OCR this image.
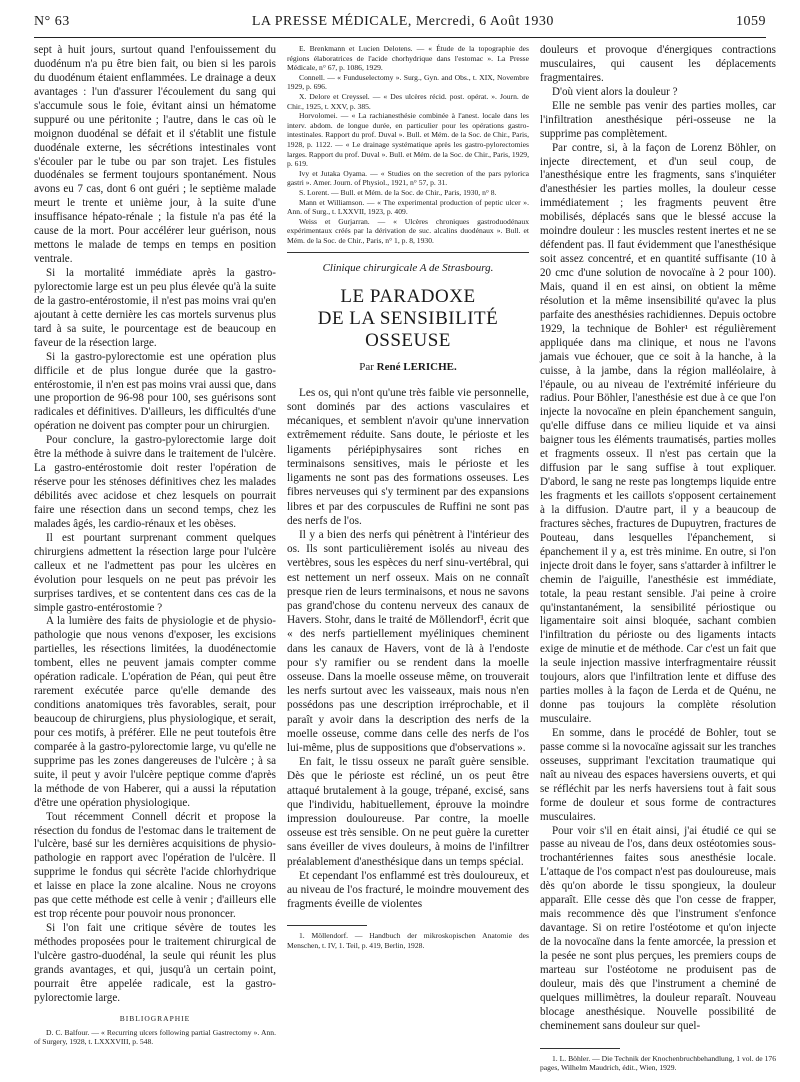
N° 63	LA PRESSE MÉDICALE, Mercredi, 6 Août 1930	1059

sept à huit jours, surtout quand l'enfouissement du duodénum n'a pu être bien fait, ou bien si les parois du duodénum étaient enflammées. Le drainage a deux avantages : l'un d'assurer l'écoulement du sang qui s'accumule sous le foie, évitant ainsi un hématome suppuré ou une péritonite ; l'autre, dans le cas où le moignon duodénal se défait et il s'établit une fistule duodénale externe, les sécrétions intestinales vont s'écouler par le tube ou par son trajet. Les fistules duodénales se ferment toujours spontanément. Nous avons eu 7 cas, dont 6 ont guéri ; le septième malade meurt le trente et unième jour, à la suite d'une insuffisance hépato-rénale ; la fistule n'a pas été la cause de la mort. Pour accélérer leur guérison, nous mettons le malade de temps en temps en position ventrale.

Si la mortalité immédiate après la gastro-pylorectomie large est un peu plus élevée qu'à la suite de la gastro-entérostomie, il n'est pas moins vrai qu'en ajoutant à cette dernière les cas mortels survenus plus tard à sa suite, le pourcentage est de beaucoup en faveur de la résection large.

Si la gastro-pylorectomie est une opération plus difficile et de plus longue durée que la gastro-entérostomie, il n'en est pas moins vrai aussi que, dans une proportion de 96-98 pour 100, ses guérisons sont radicales et définitives. D'ailleurs, les difficultés d'une opération ne doivent pas compter pour un chirurgien.

Pour conclure, la gastro-pylorectomie large doit être la méthode à suivre dans le traitement de l'ulcère. La gastro-entérostomie doit rester l'opération de réserve pour les sténoses définitives chez les malades débilités avec acidose et chez lesquels on pourrait faire une résection dans un second temps, chez les malades âgés, les cardio-rénaux et les obèses.

Il est pourtant surprenant comment quelques chirurgiens admettent la résection large pour l'ulcère calleux et ne l'admettent pas pour les ulcères en évolution pour lesquels on ne peut pas prévoir les surprises tardives, et se contentent dans ces cas de la simple gastro-entérostomie ?

A la lumière des faits de physiologie et de physio-pathologie que nous venons d'exposer, les excisions partielles, les résections limitées, la duodénectomie tombent, elles ne peuvent jamais compter comme opération radicale. L'opération de Péan, qui peut être rarement exécutée parce qu'elle demande des conditions anatomiques très favorables, serait, pour beaucoup de chirurgiens, plus physiologique, et serait, pour ces motifs, à préférer. Elle ne peut toutefois être comparée à la gastro-pylorectomie large, vu qu'elle ne supprime pas les zones dangereuses de l'ulcère ; à sa suite, il peut y avoir l'ulcère peptique comme d'après la méthode de von Haberer, qui a aussi la réputation d'être une opération physiologique.

Tout récemment Connell décrit et propose la résection du fondus de l'estomac dans le traitement de l'ulcère, basé sur les dernières acquisitions de physio-pathologie en rapport avec l'opération de l'ulcère. Il supprime le fondus qui sécrète l'acide chlorhydrique et laisse en place la zone alcaline. Nous ne croyons pas que cette méthode est celle à venir ; d'ailleurs elle est trop récente pour pouvoir nous prononcer.

Si l'on fait une critique sévère de toutes les méthodes proposées pour le traitement chirurgical de l'ulcère gastro-duodénal, la seule qui réunit les plus grands avantages, et qui, jusqu'à un certain point, pourrait être appelée radicale, est la gastro-pylorectomie large.

BIBLIOGRAPHIE

D. C. Balfour. — « Recurring ulcers following partial Gastrectomy ». Ann. of Surgery, 1928, t. LXXXVIII, p. 548.

E. Brenkmann et Lucien Delotens. — « Étude de la topographie des régions élaboratrices de l'acide chorhydrique dans l'estomac ». La Presse Médicale, n° 67, p. 1086, 1929.

Connell. — « Funduselectomy ». Surg., Gyn. and Obs., t. XIX, Novembre 1929, p. 696.

X. Delore et Creyssel. — « Des ulcères récid. post. opérat. ». Journ. de Chir., 1925, t. XXV, p. 385.

Horvolomei. — « La rachianesthésie combinée à l'anest. locale dans les interv. abdom. de longue durée, en particulier pour les opérations gastro-intestinales. Rapport du prof. Duval ». Bull. et Mém. de la Soc. de Chir., Paris, 1928, p. 1122. — « Le drainage systématique après les gastro-pylorectomies larges. Rapport du prof. Duval ». Bull. et Mém. de la Soc. de Chir., Paris, 1929, p. 619.

Ivy et Jutaka Oyama. — « Studies on the secretion of the pars pylorica gastri ». Amer. Journ. of Physiol., 1921, n° 57, p. 31.

S. Lorent. — Bull. et Mém. de la Soc. de Chir., Paris, 1930, n° 8.

Mann et Williamson. — « The experimental production of peptic ulcer ». Ann. of Surg., t. LXXVII, 1923, p. 409.

Weiss et Gurjarran. — « Ulcères chroniques gastroduodénaux expérimentaux créés par la dérivation de suc. alcalins duodénaux ». Bull. et Mém. de la Soc. de Chir., Paris, n° 1, p. 8, 1930.

Clinique chirurgicale A de Strasbourg.
LE PARADOXE
DE LA SENSIBILITÉ OSSEUSE
Par René LERICHE.

Les os, qui n'ont qu'une très faible vie personnelle, sont dominés par des actions vasculaires et mécaniques, et semblent n'avoir qu'une innervation extrêmement réduite. Sans doute, le périoste et les ligaments périépiphysaires sont riches en terminaisons sensitives, mais le périoste et les ligaments ne sont pas des formations osseuses. Les fibres nerveuses qui s'y terminent par des expansions libres et par des corpuscules de Ruffini ne sont pas des nerfs de l'os.

Il y a bien des nerfs qui pénètrent à l'intérieur des os. Ils sont particulièrement isolés au niveau des vertèbres, sous les espèces du nerf sinu-vertébral, qui est nettement un nerf osseux. Mais on ne connaît presque rien de leurs terminaisons, et nous ne savons pas grand'chose du contenu nerveux des canaux de Havers. Stohr, dans le traité de Möllendorf¹, écrit que « des nerfs partiellement myéliniques cheminent dans les canaux de Havers, vont de là à l'endoste pour s'y ramifier ou se rendent dans la moelle osseuse. Dans la moelle osseuse même, on trouverait les nerfs surtout avec les vaisseaux, mais nous n'en possédons pas une description irréprochable, et il paraît y avoir dans la description des nerfs de la moelle osseuse, comme dans celle des nerfs de l'os lui-même, plus de suppositions que d'observations ».

En fait, le tissu osseux ne paraît guère sensible. Dès que le périoste est récliné, un os peut être attaqué brutalement à la gouge, trépané, excisé, sans que l'individu, habituellement, éprouve la moindre impression douloureuse. Par contre, la moelle osseuse est très sensible. On ne peut guère la curetter sans éveiller de vives douleurs, à moins de l'infiltrer préalablement d'anesthésique dans un temps spécial.

Et cependant l'os enflammé est très douloureux, et au niveau de l'os fracturé, le moindre mouvement des fragments éveille de violentes

1. Möllendorf. — Handbuch der mikroskopischen Anatomie des Menschen, t. IV, 1. Teil, p. 419, Berlin, 1928.

douleurs et provoque d'énergiques contractions musculaires, qui causent les déplacements fragmentaires.

D'où vient alors la douleur ?

Elle ne semble pas venir des parties molles, car l'infiltration anesthésique péri-osseuse ne la supprime pas complètement.

Par contre, si, à la façon de Lorenz Böhler, on injecte directement, et d'un seul coup, de l'anesthésique entre les fragments, sans s'inquiéter d'anesthésier les parties molles, la douleur cesse immédiatement ; les fragments peuvent être mobilisés, déplacés sans que le blessé accuse la moindre douleur : les muscles restent inertes et ne se défendent pas. Il faut évidemment que l'anesthésique soit assez concentré, et en quantité suffisante (10 à 20 cmc d'une solution de novocaïne à 2 pour 100). Mais, quand il en est ainsi, on obtient la même résolution et la même insensibilité qu'avec la plus parfaite des anesthésies rachidiennes. Depuis octobre 1929, la technique de Bohler¹ est régulièrement appliquée dans ma clinique, et nous ne l'avons jamais vue échouer, que ce soit à la hanche, à la cuisse, à la jambe, dans la région malléolaire, à l'épaule, ou au niveau de l'extrémité inférieure du radius. Pour Böhler, l'anesthésie est due à ce que l'on injecte la novocaïne en plein épanchement sanguin, qu'elle diffuse dans ce milieu liquide et va ainsi baigner tous les éléments traumatisés, parties molles et fragments osseux. Il n'est pas certain que la diffusion par le sang suffise à tout expliquer. D'abord, le sang ne reste pas longtemps liquide entre les fragments et les caillots s'opposent certainement à la diffusion. D'autre part, il y a beaucoup de fractures sèches, fractures de Dupuytren, fractures de Pouteau, dans lesquelles l'épanchement, si épanchement il y a, est très minime. En outre, si l'on injecte droit dans le foyer, sans s'attarder à infiltrer le chemin de l'aiguille, l'anesthésie est immédiate, totale, la peau restant sensible. J'ai peine à croire qu'instantanément, la sensibilité périostique ou ligamentaire soit ainsi bloquée, sachant combien l'infiltration du périoste ou des ligaments intacts exige de minutie et de méthode. Car c'est un fait que la seule injection massive interfragmentaire réussit toujours, alors que l'infiltration lente et diffuse des parties molles à la façon de Lerda et de Quénu, ne donne pas toujours la complète résolution musculaire.

En somme, dans le procédé de Bohler, tout se passe comme si la novocaïne agissait sur les tranches osseuses, supprimant l'excitation traumatique qui naît au niveau des espaces haversiens ouverts, et qui se réfléchit par les nerfs haversiens tout à fait sous forme de douleur et sous forme de contractures musculaires.

Pour voir s'il en était ainsi, j'ai étudié ce qui se passe au niveau de l'os, dans deux ostéotomies sous-trochantériennes faites sous anesthésie locale. L'attaque de l'os compact n'est pas douloureuse, mais dès qu'on aborde le tissu spongieux, la douleur apparaît. Elle cesse dès que l'on cesse de frapper, mais recommence dès que l'instrument s'enfonce davantage. Si on retire l'ostéotome et qu'on injecte de la novocaïne dans la fente amorcée, la pression et la pesée ne sont plus perçues, les premiers coups de marteau sur l'ostéotome ne produisent pas de douleur, mais dès que l'instrument a cheminé de quelques millimètres, la douleur reparaît. Nouveau blocage anesthésique. Nouvelle possibilité de cheminement sans douleur sur quel-

1. L. Böhler. — Die Technik der Knochenbruchbehandlung, 1 vol. de 176 pages, Wilhelm Maudrich, édit., Wien, 1929.
